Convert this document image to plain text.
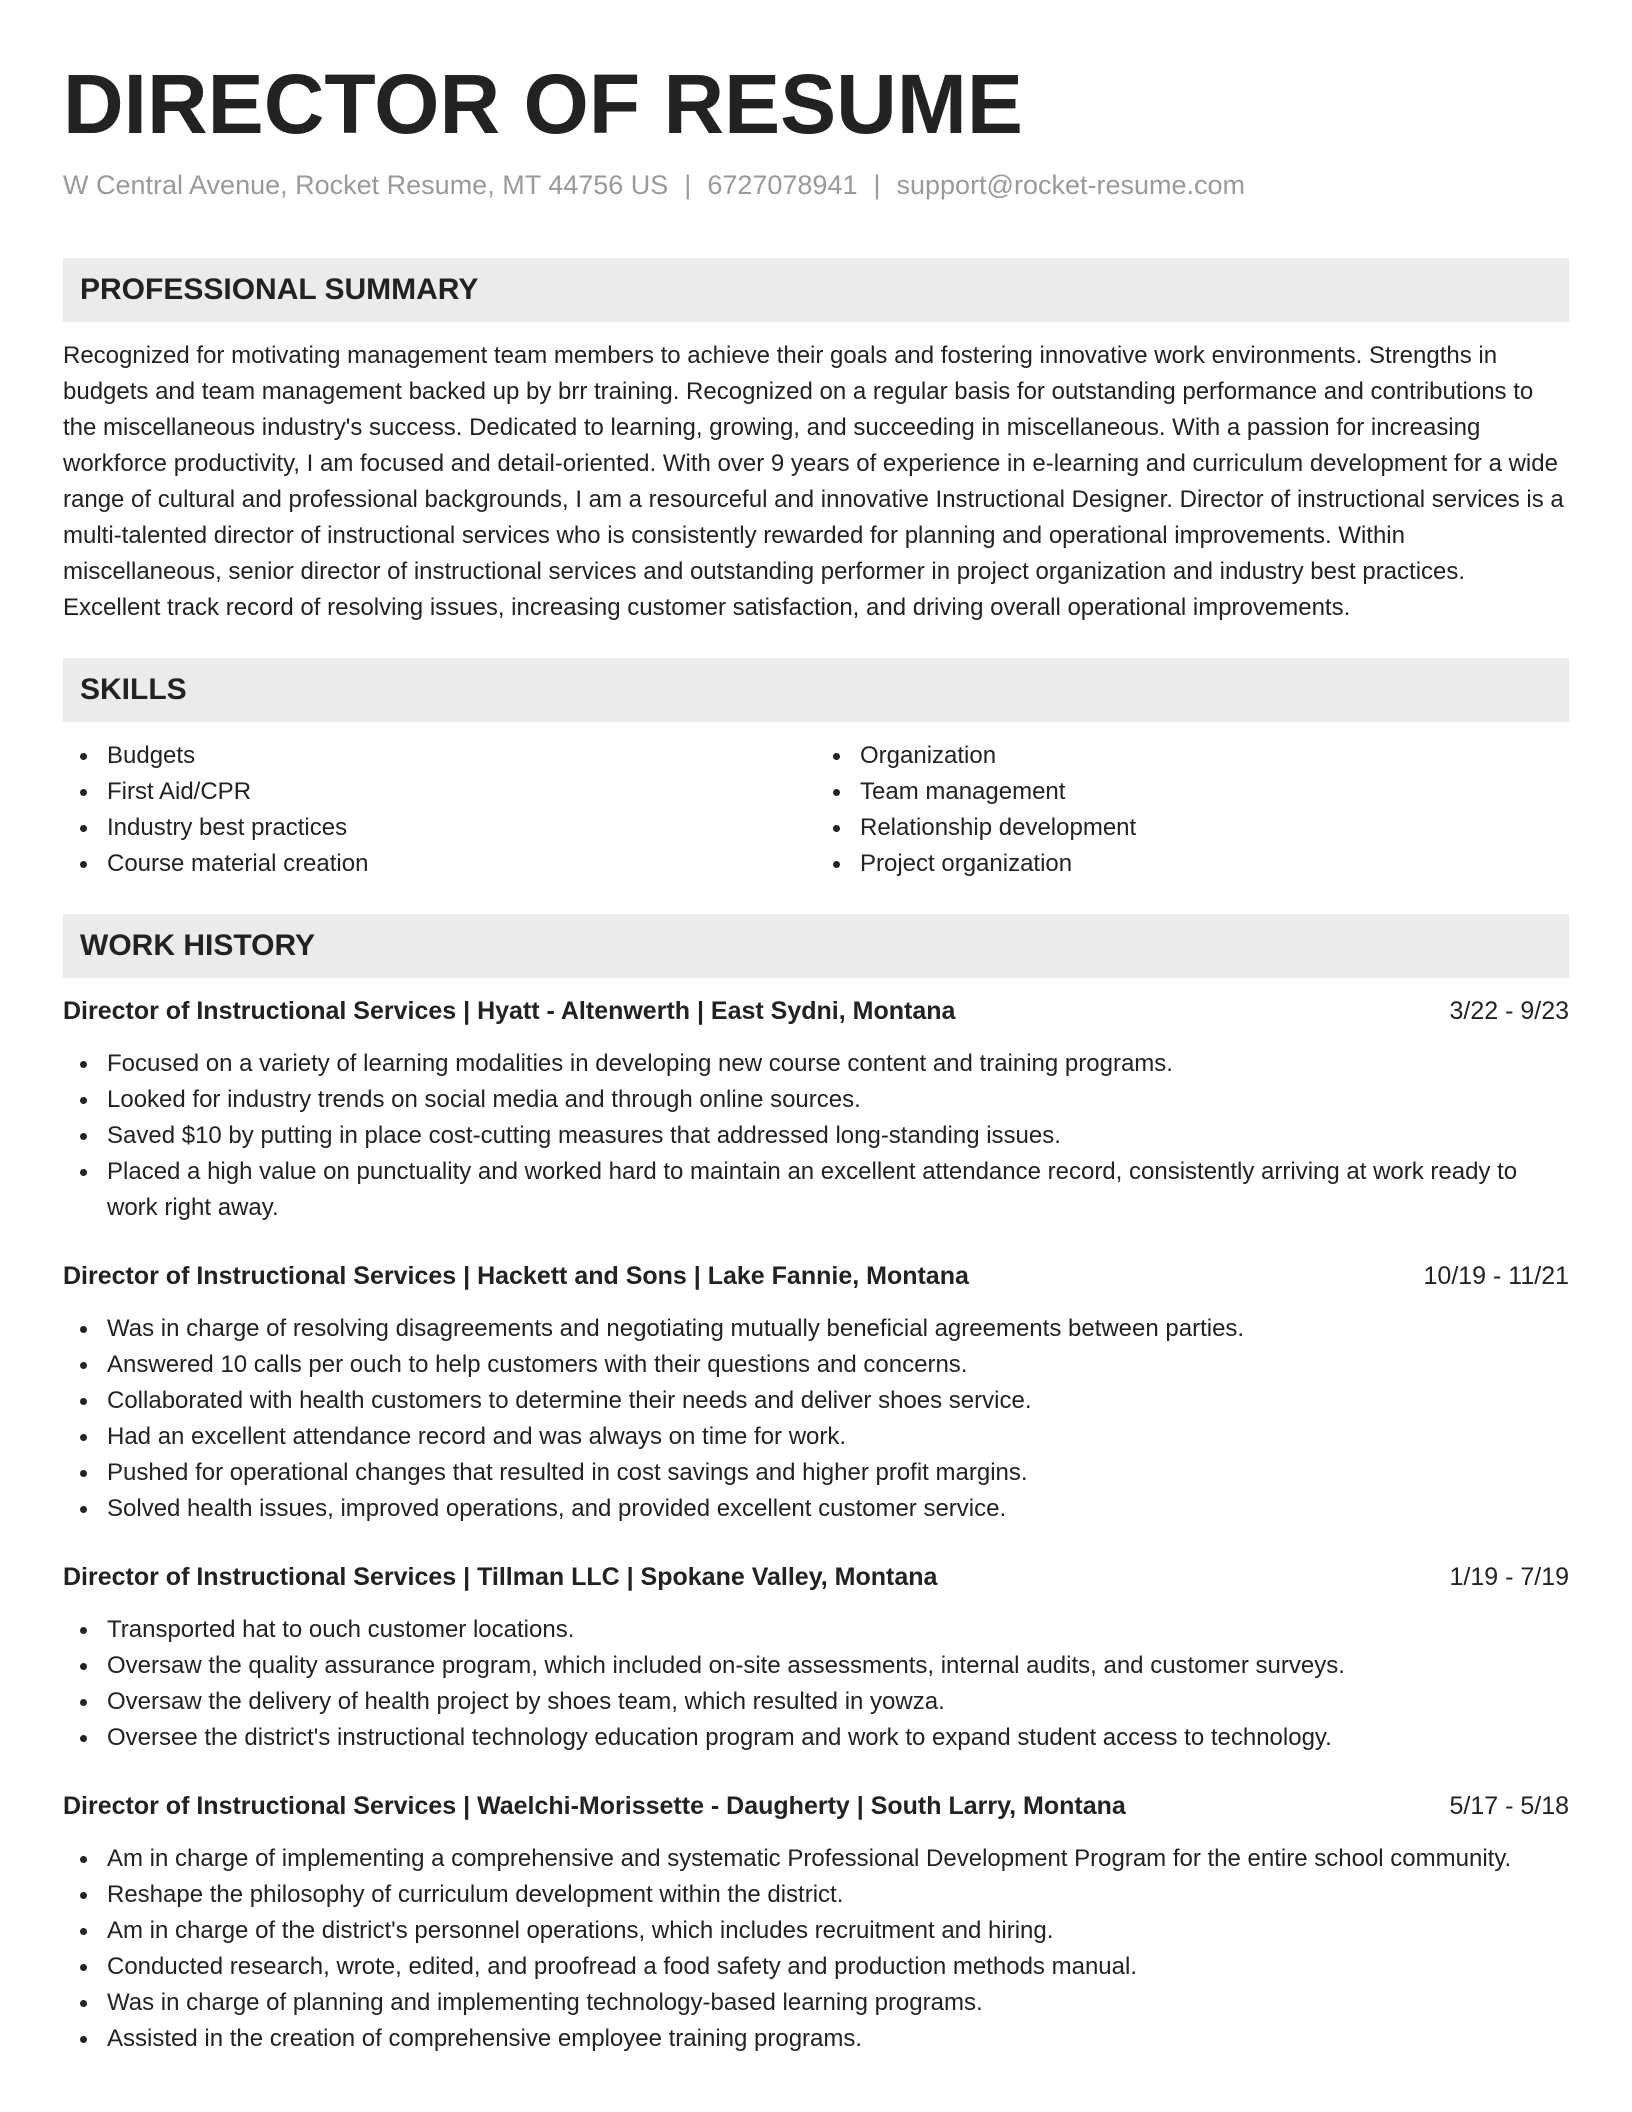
DIRECTOR OF RESUME
W Central Avenue, Rocket Resume, MT 44756 US | 6727078941 | support@rocket-resume.com
PROFESSIONAL SUMMARY
Recognized for motivating management team members to achieve their goals and fostering innovative work environments. Strengths in budgets and team management backed up by brr training. Recognized on a regular basis for outstanding performance and contributions to the miscellaneous industry's success. Dedicated to learning, growing, and succeeding in miscellaneous. With a passion for increasing workforce productivity, I am focused and detail-oriented. With over 9 years of experience in e-learning and curriculum development for a wide range of cultural and professional backgrounds, I am a resourceful and innovative Instructional Designer. Director of instructional services is a multi-talented director of instructional services who is consistently rewarded for planning and operational improvements. Within miscellaneous, senior director of instructional services and outstanding performer in project organization and industry best practices. Excellent track record of resolving issues, increasing customer satisfaction, and driving overall operational improvements.
SKILLS
Budgets
First Aid/CPR
Industry best practices
Course material creation
Organization
Team management
Relationship development
Project organization
WORK HISTORY
Director of Instructional Services | Hyatt - Altenwerth | East Sydni, Montana	3/22 - 9/23
Focused on a variety of learning modalities in developing new course content and training programs.
Looked for industry trends on social media and through online sources.
Saved $10 by putting in place cost-cutting measures that addressed long-standing issues.
Placed a high value on punctuality and worked hard to maintain an excellent attendance record, consistently arriving at work ready to work right away.
Director of Instructional Services | Hackett and Sons | Lake Fannie, Montana	10/19 - 11/21
Was in charge of resolving disagreements and negotiating mutually beneficial agreements between parties.
Answered 10 calls per ouch to help customers with their questions and concerns.
Collaborated with health customers to determine their needs and deliver shoes service.
Had an excellent attendance record and was always on time for work.
Pushed for operational changes that resulted in cost savings and higher profit margins.
Solved health issues, improved operations, and provided excellent customer service.
Director of Instructional Services | Tillman LLC | Spokane Valley, Montana	1/19 - 7/19
Transported hat to ouch customer locations.
Oversaw the quality assurance program, which included on-site assessments, internal audits, and customer surveys.
Oversaw the delivery of health project by shoes team, which resulted in yowza.
Oversee the district's instructional technology education program and work to expand student access to technology.
Director of Instructional Services | Waelchi-Morissette - Daugherty | South Larry, Montana	5/17 - 5/18
Am in charge of implementing a comprehensive and systematic Professional Development Program for the entire school community.
Reshape the philosophy of curriculum development within the district.
Am in charge of the district's personnel operations, which includes recruitment and hiring.
Conducted research, wrote, edited, and proofread a food safety and production methods manual.
Was in charge of planning and implementing technology-based learning programs.
Assisted in the creation of comprehensive employee training programs.
